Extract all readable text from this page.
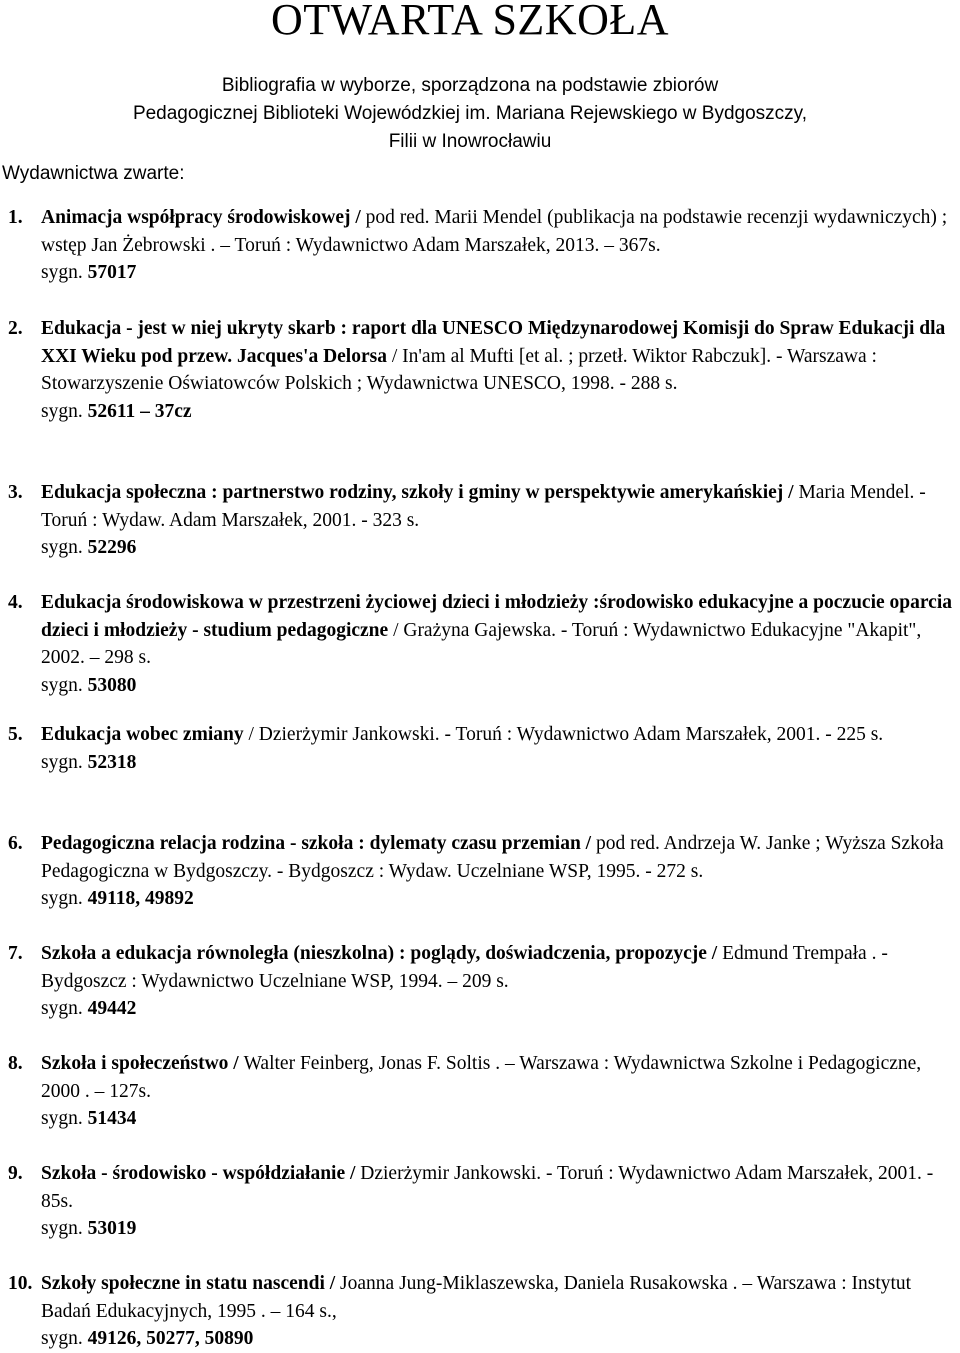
OTWARTA SZKOŁA
Bibliografia w wyborze, sporządzona na podstawie zbiorów
Pedagogicznej Biblioteki Wojewódzkiej im. Mariana Rejewskiego w Bydgoszczy,
Filii w Inowrocławiu
Wydawnictwa zwarte:
1. Animacja współpracy środowiskowej / pod red. Marii Mendel (publikacja na podstawie recenzji wydawniczych) ; wstęp Jan Żebrowski . – Toruń : Wydawnictwo Adam Marszałek, 2013. – 367s.
sygn. 57017
2. Edukacja - jest w niej ukryty skarb : raport dla UNESCO Międzynarodowej Komisji do Spraw Edukacji dla XXI Wieku pod przew. Jacques'a Delorsa / In'am al Mufti [et al. ; przetł. Wiktor Rabczuk]. - Warszawa : Stowarzyszenie Oświatowców Polskich ; Wydawnictwa UNESCO, 1998. - 288 s.
sygn. 52611 – 37cz
3. Edukacja społeczna : partnerstwo rodziny, szkoły i gminy w perspektywie amerykańskiej / Maria Mendel. - Toruń : Wydaw. Adam Marszałek, 2001. - 323 s.
sygn. 52296
4. Edukacja środowiskowa w przestrzeni życiowej dzieci i młodzieży :środowisko edukacyjne a poczucie oparcia dzieci i młodzieży - studium pedagogiczne / Grażyna Gajewska. - Toruń : Wydawnictwo Edukacyjne "Akapit", 2002. – 298 s.
sygn. 53080
5. Edukacja wobec zmiany / Dzierżymir Jankowski. - Toruń : Wydawnictwo Adam Marszałek, 2001. - 225 s.
sygn. 52318
6. Pedagogiczna relacja rodzina - szkoła : dylematy czasu przemian / pod red. Andrzeja W. Janke ; Wyższa Szkoła Pedagogiczna w Bydgoszczy. - Bydgoszcz : Wydaw. Uczelniane WSP, 1995. - 272 s.
sygn. 49118, 49892
7. Szkoła a edukacja równoległa (nieszkolna) : poglądy, doświadczenia, propozycje / Edmund Trempała . - Bydgoszcz : Wydawnictwo Uczelniane WSP, 1994. – 209 s.
sygn. 49442
8. Szkoła i społeczeństwo / Walter Feinberg, Jonas F. Soltis . – Warszawa : Wydawnictwa Szkolne i Pedagogiczne, 2000 . – 127s.
sygn. 51434
9. Szkoła - środowisko - współdziałanie / Dzierżymir Jankowski. - Toruń : Wydawnictwo Adam Marszałek, 2001. - 85s.
sygn. 53019
10. Szkoły społeczne in statu nascendi / Joanna Jung-Miklaszewska, Daniela Rusakowska . – Warszawa : Instytut Badań Edukacyjnych, 1995 . – 164 s.,
sygn. 49126, 50277, 50890
